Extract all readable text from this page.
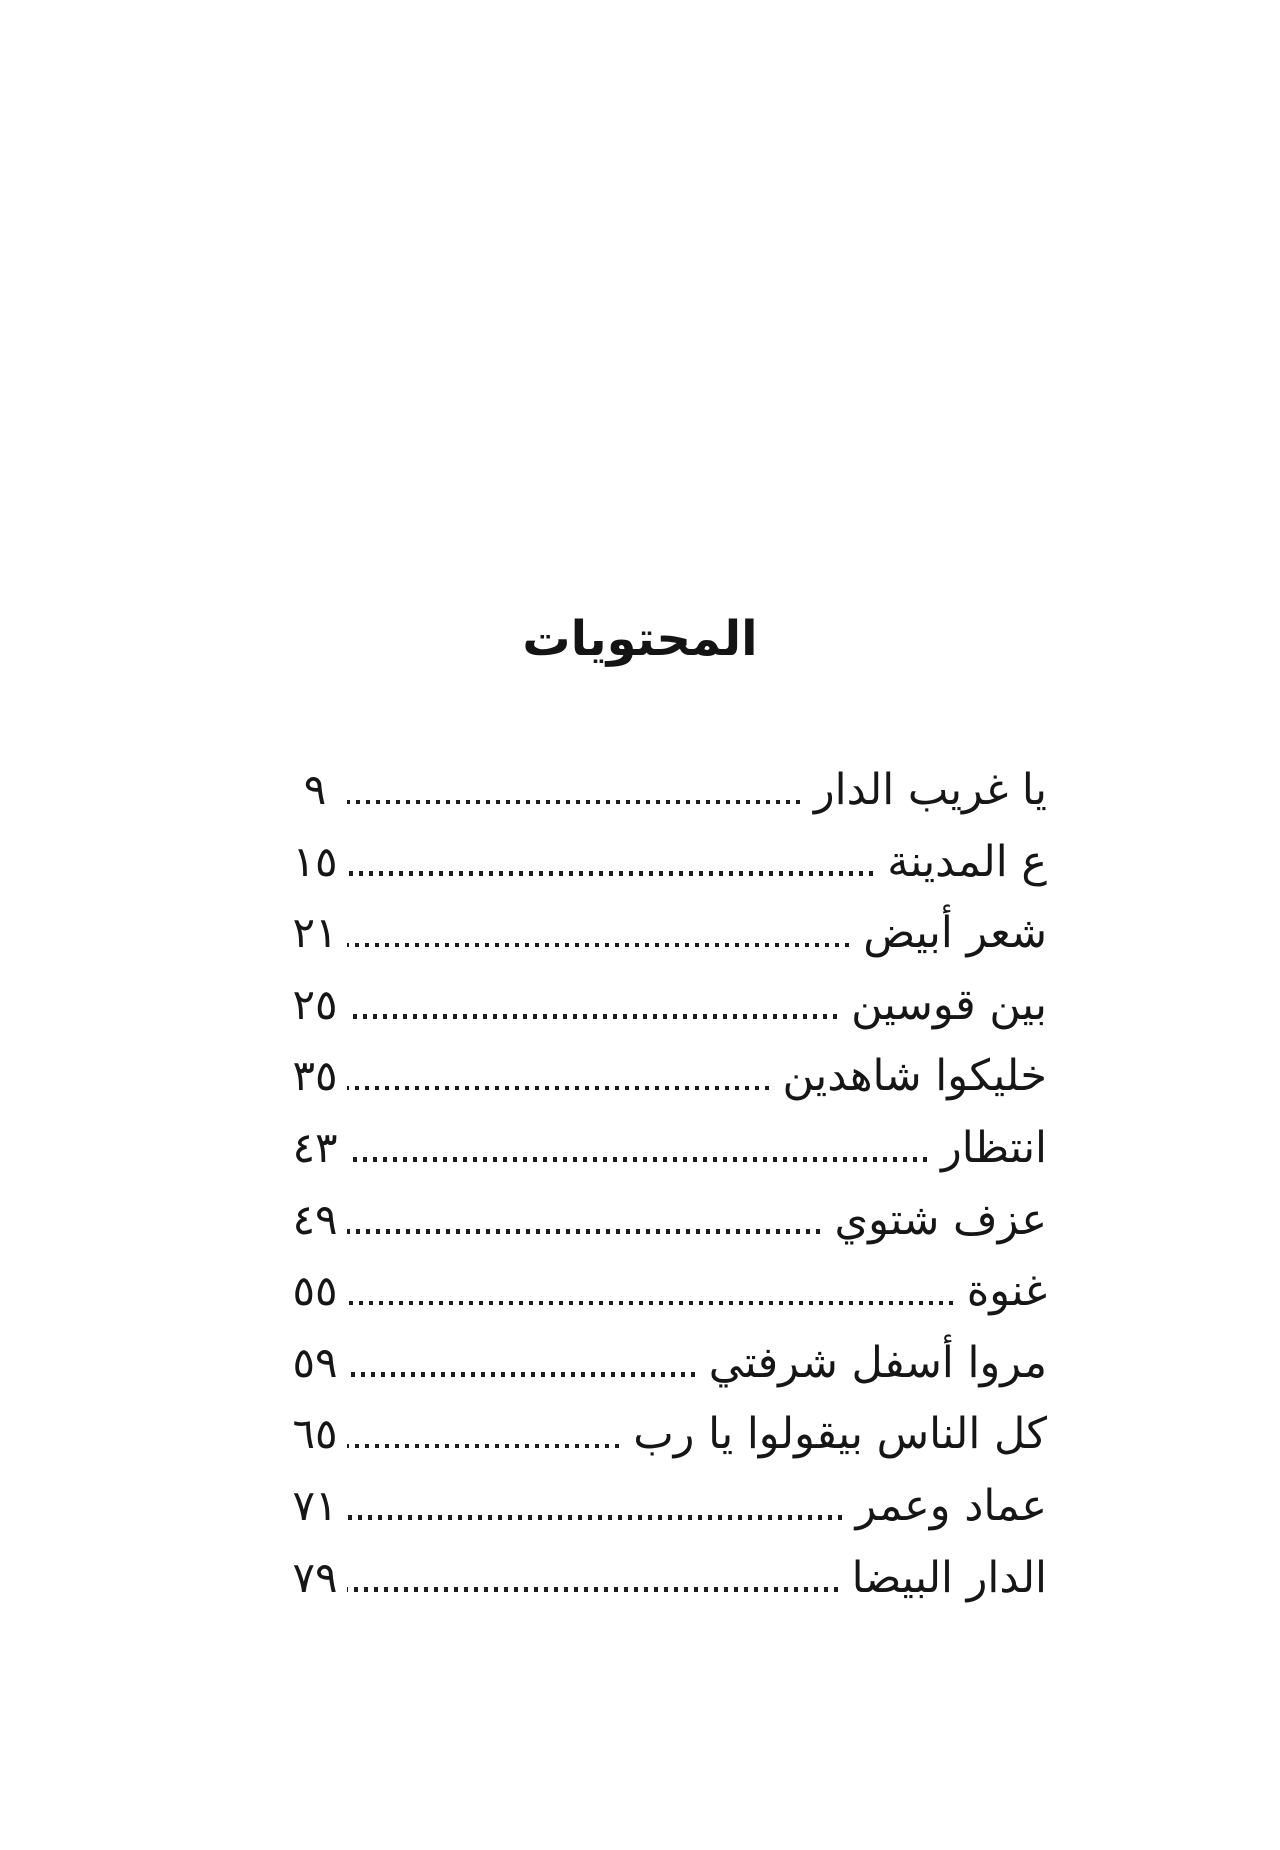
المحتويات
يا غريب الدار
٩
ع المدينة
١٥
شعر أبيض
٢١
بين قوسين
٢٥
خليكوا شاهدين
٣٥
انتظار
٤٣
عزف شتوي
٤٩
غنوة
٥٥
مروا أسفل شرفتي
٥٩
كل الناس بيقولوا يا رب
٦٥
عماد وعمر
٧١
الدار البيضا
٧٩
